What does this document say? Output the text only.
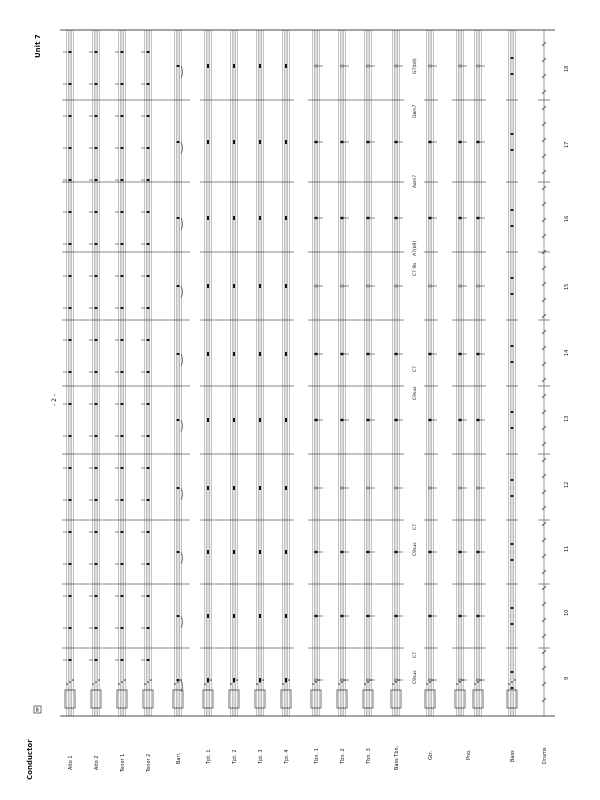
Conductor
B
- 2 -
Unit 7
Alto 1	Alto 2	Tenor 1	Tenor 2	Bari.	Tpt. 1	Tpt. 2	Tpt. 3	Tpt. 4	Tbn. 1	Tbn. 2	Tbn. 3	Bass Tbn.	Gtr.	Pno.	Bass	Drums
9
10
11
12
13
14
15
16
17
18
C9sus
C7
C9sus
C7
C9sus
C7
C7 9b
A7(b9)
Aøm7
Døm7
G7(b9)
